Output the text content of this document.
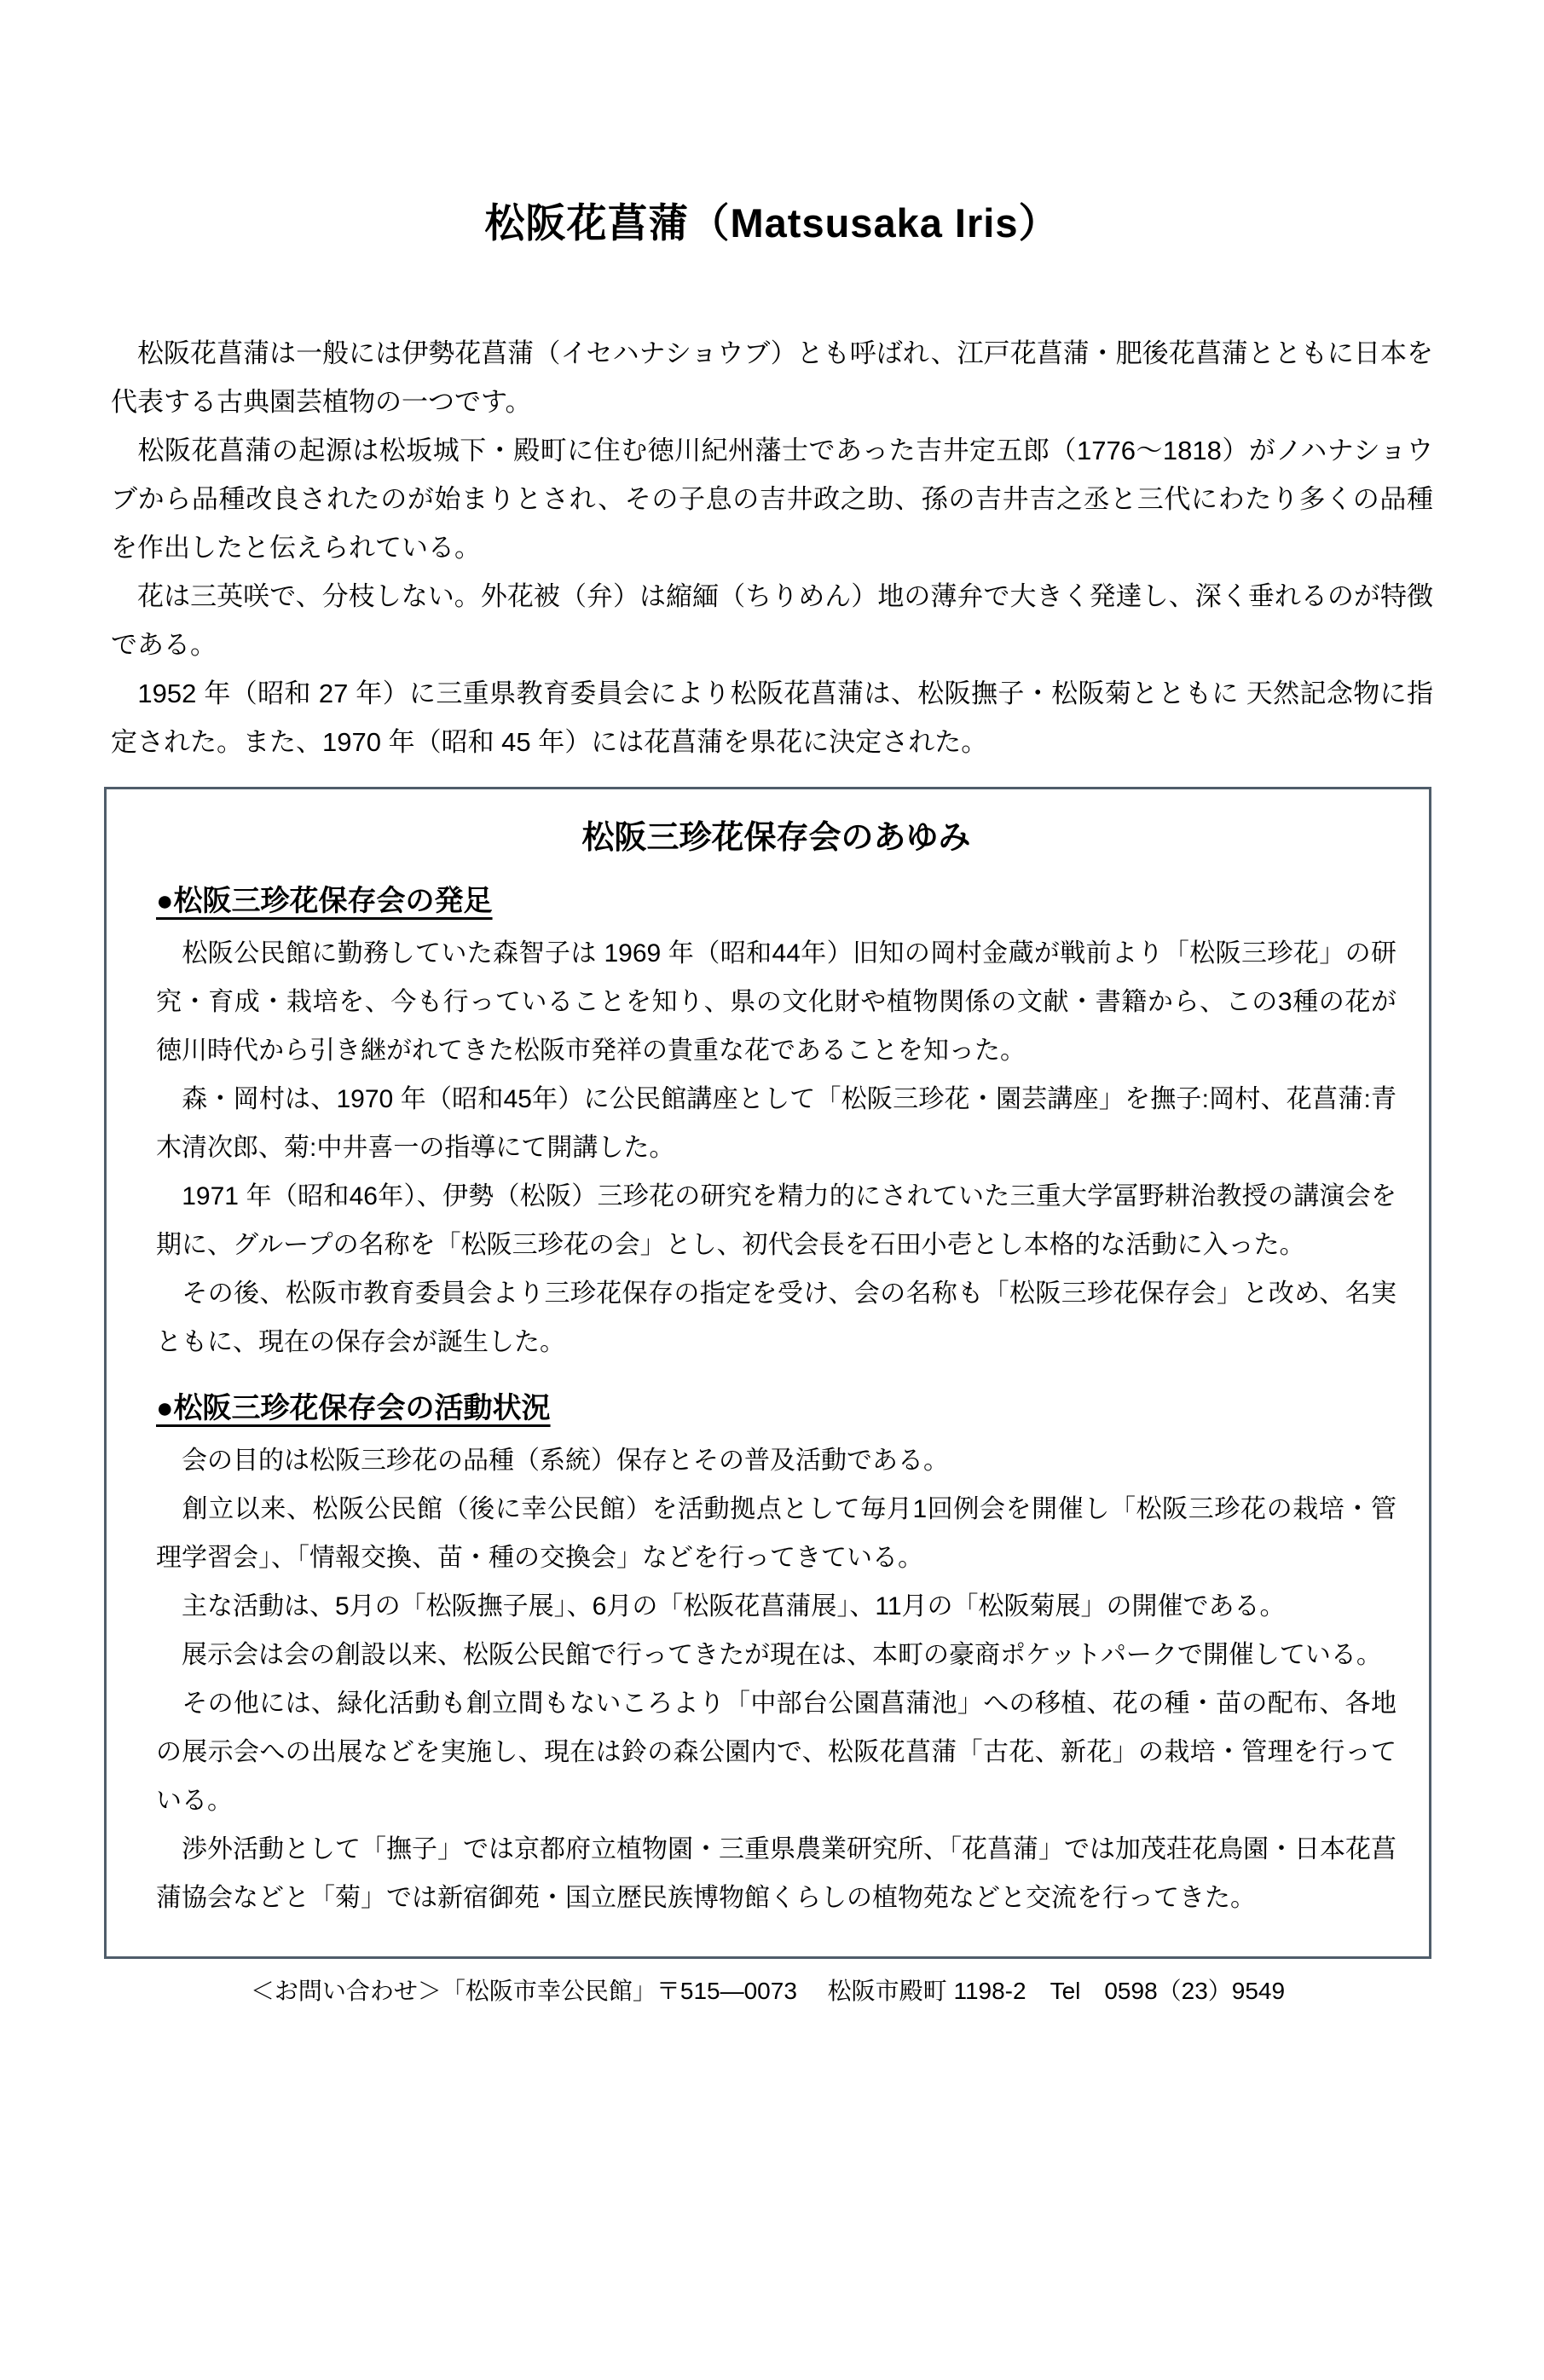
松阪花菖蒲（Matsusaka Iris）

　松阪花菖蒲は一般には伊勢花菖蒲（イセハナショウブ）とも呼ばれ、江戸花菖蒲・肥後花菖蒲とともに日本を代表する古典園芸植物の一つです。

　松阪花菖蒲の起源は松坂城下・殿町に住む徳川紀州藩士であった吉井定五郎（1776～1818）がノハナショウブから品種改良されたのが始まりとされ、その子息の吉井政之助、孫の吉井吉之丞と三代にわたり多くの品種を作出したと伝えられている。

　花は三英咲で、分枝しない。外花被（弁）は縮緬（ちりめん）地の薄弁で大きく発達し、深く垂れるのが特徴である。

　1952 年（昭和 27 年）に三重県教育委員会により松阪花菖蒲は、松阪撫子・松阪菊とともに 天然記念物に指定された。また、1970 年（昭和 45 年）には花菖蒲を県花に決定された。

松阪三珍花保存会のあゆみ
●松阪三珍花保存会の発足

　松阪公民館に勤務していた森智子は 1969 年（昭和44年）旧知の岡村金蔵が戦前より「松阪三珍花」の研究・育成・栽培を、今も行っていることを知り、県の文化財や植物関係の文献・書籍から、この3種の花が徳川時代から引き継がれてきた松阪市発祥の貴重な花であることを知った。

　森・岡村は、1970 年（昭和45年）に公民館講座として「松阪三珍花・園芸講座」を撫子:岡村、花菖蒲:青木清次郎、菊:中井喜一の指導にて開講した。

　1971 年（昭和46年）、伊勢（松阪）三珍花の研究を精力的にされていた三重大学冨野耕治教授の講演会を期に、グループの名称を「松阪三珍花の会」とし、初代会長を石田小壱とし本格的な活動に入った。

　その後、松阪市教育委員会より三珍花保存の指定を受け、会の名称も「松阪三珍花保存会」と改め、名実ともに、現在の保存会が誕生した。

●松阪三珍花保存会の活動状況

　会の目的は松阪三珍花の品種（系統）保存とその普及活動である。

　創立以来、松阪公民館（後に幸公民館）を活動拠点として毎月1回例会を開催し「松阪三珍花の栽培・管理学習会」、「情報交換、苗・種の交換会」などを行ってきている。

　主な活動は、5月の「松阪撫子展」、6月の「松阪花菖蒲展」、11月の「松阪菊展」の開催である。

　展示会は会の創設以来、松阪公民館で行ってきたが現在は、本町の豪商ポケットパークで開催している。

　その他には、緑化活動も創立間もないころより「中部台公園菖蒲池」への移植、花の種・苗の配布、各地の展示会への出展などを実施し、現在は鈴の森公園内で、松阪花菖蒲「古花、新花」の栽培・管理を行っている。

　渉外活動として「撫子」では京都府立植物園・三重県農業研究所、「花菖蒲」では加茂荘花鳥園・日本花菖蒲協会などと「菊」では新宿御苑・国立歴民族博物館くらしの植物苑などと交流を行ってきた。

＜お問い合わせ＞「松阪市幸公民館」〒515—0073　 松阪市殿町 1198-2　Tel　0598（23）9549
